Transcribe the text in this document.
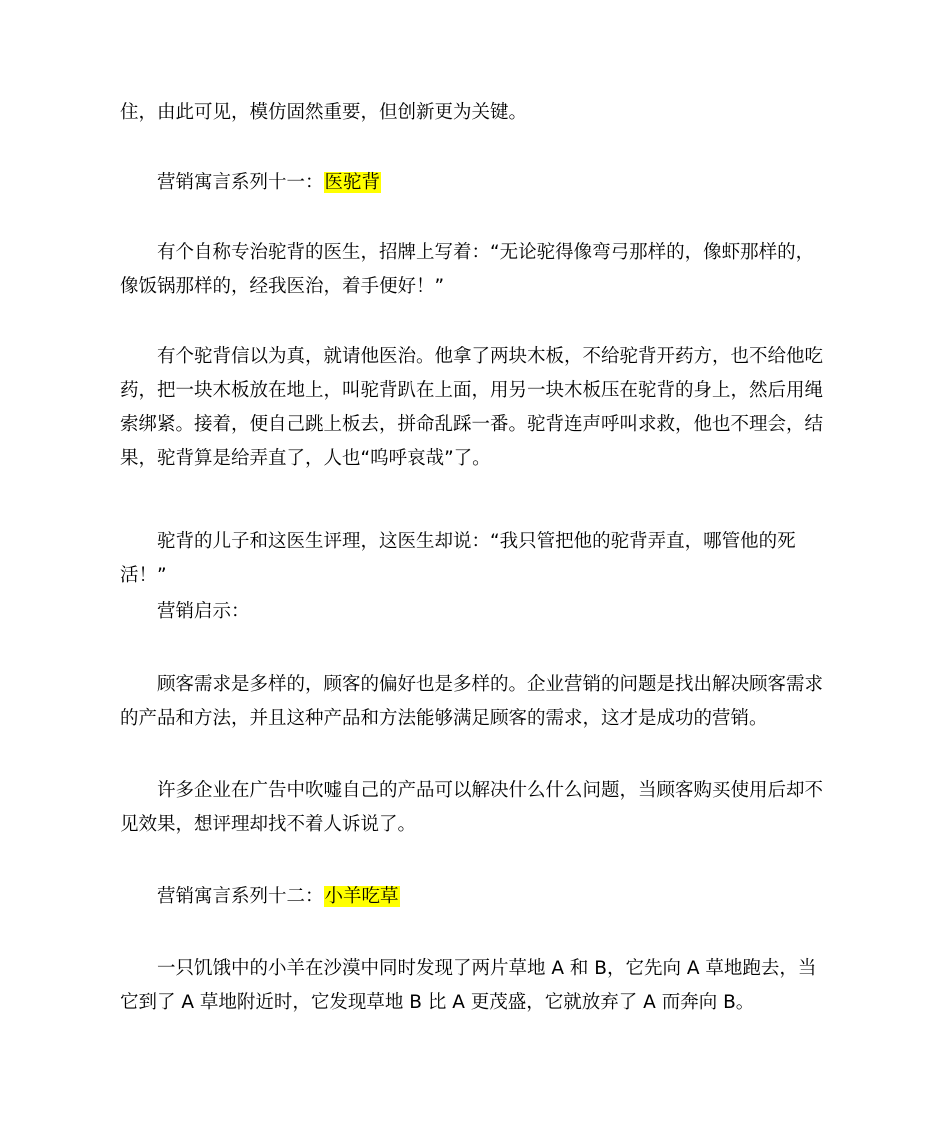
住，由此可见，模仿固然重要，但创新更为关键。

营销寓言系列十一：医驼背

有个自称专治驼背的医生，招牌上写着：“无论驼得像弯弓那样的，像虾那样的，像饭锅那样的，经我医治，着手便好！”

有个驼背信以为真，就请他医治。他拿了两块木板，不给驼背开药方，也不给他吃药，把一块木板放在地上，叫驼背趴在上面，用另一块木板压在驼背的身上，然后用绳索绑紧。接着，便自己跳上板去，拼命乱踩一番。驼背连声呼叫求救，他也不理会，结果，驼背算是给弄直了，人也“呜呼哀哉”了。

驼背的儿子和这医生评理，这医生却说：“我只管把他的驼背弄直，哪管他的死活！”

营销启示：

顾客需求是多样的，顾客的偏好也是多样的。企业营销的问题是找出解决顾客需求的产品和方法，并且这种产品和方法能够满足顾客的需求，这才是成功的营销。

许多企业在广告中吹嘘自己的产品可以解决什么什么问题，当顾客购买使用后却不见效果，想评理却找不着人诉说了。

营销寓言系列十二：小羊吃草

一只饥饿中的小羊在沙漠中同时发现了两片草地 A 和 B，它先向 A 草地跑去，当它到了 A 草地附近时，它发现草地 B 比 A 更茂盛，它就放弃了 A 而奔向 B。
